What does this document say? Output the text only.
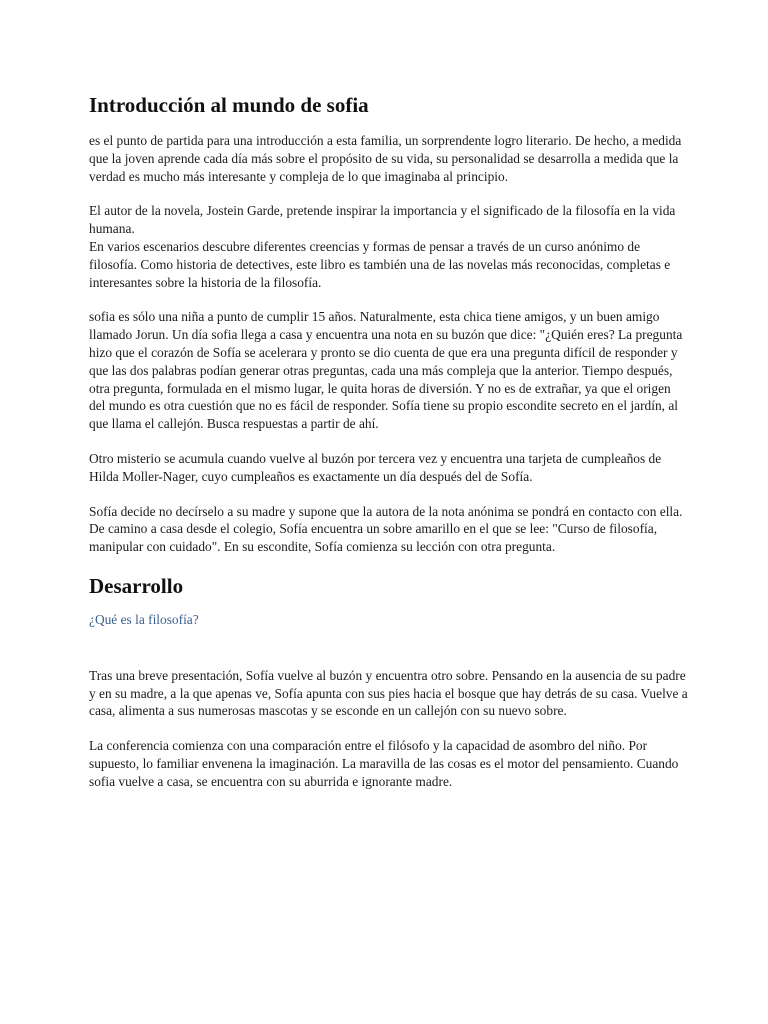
Introducción al mundo de sofia

es el punto de partida para una introducción a esta familia, un sorprendente logro literario. De hecho, a medida que la joven aprende cada día más sobre el propósito de su vida, su personalidad se desarrolla a medida que la verdad es mucho más interesante y compleja de lo que imaginaba al principio.

El autor de la novela, Jostein Garde, pretende inspirar la importancia y el significado de la filosofía en la vida humana.

En varios escenarios descubre diferentes creencias y formas de pensar a través de un curso anónimo de filosofía. Como historia de detectives, este libro es también una de las novelas más reconocidas, completas e interesantes sobre la historia de la filosofía.

sofia es sólo una niña a punto de cumplir 15 años. Naturalmente, esta chica tiene amigos, y un buen amigo llamado Jorun. Un día sofia llega a casa y encuentra una nota en su buzón que dice: "¿Quién eres? La pregunta hizo que el corazón de Sofía se acelerara y pronto se dio cuenta de que era una pregunta difícil de responder y que las dos palabras podían generar otras preguntas, cada una más compleja que la anterior. Tiempo después, otra pregunta, formulada en el mismo lugar, le quita horas de diversión. Y no es de extrañar, ya que el origen del mundo es otra cuestión que no es fácil de responder. Sofía tiene su propio escondite secreto en el jardín, al que llama el callejón. Busca respuestas a partir de ahí.

Otro misterio se acumula cuando vuelve al buzón por tercera vez y encuentra una tarjeta de cumpleaños de Hilda Moller-Nager, cuyo cumpleaños es exactamente un día después del de Sofía.

Sofía decide no decírselo a su madre y supone que la autora de la nota anónima se pondrá en contacto con ella. De camino a casa desde el colegio, Sofía encuentra un sobre amarillo en el que se lee: "Curso de filosofía, manipular con cuidado". En su escondite, Sofía comienza su lección con otra pregunta.

Desarrollo
¿Qué es la filosofía?

Tras una breve presentación, Sofía vuelve al buzón y encuentra otro sobre. Pensando en la ausencia de su padre y en su madre, a la que apenas ve, Sofía apunta con sus pies hacia el bosque que hay detrás de su casa. Vuelve a casa, alimenta a sus numerosas mascotas y se esconde en un callejón con su nuevo sobre.

La conferencia comienza con una comparación entre el filósofo y la capacidad de asombro del niño. Por supuesto, lo familiar envenena la imaginación. La maravilla de las cosas es el motor del pensamiento. Cuando sofia vuelve a casa, se encuentra con su aburrida e ignorante madre.
